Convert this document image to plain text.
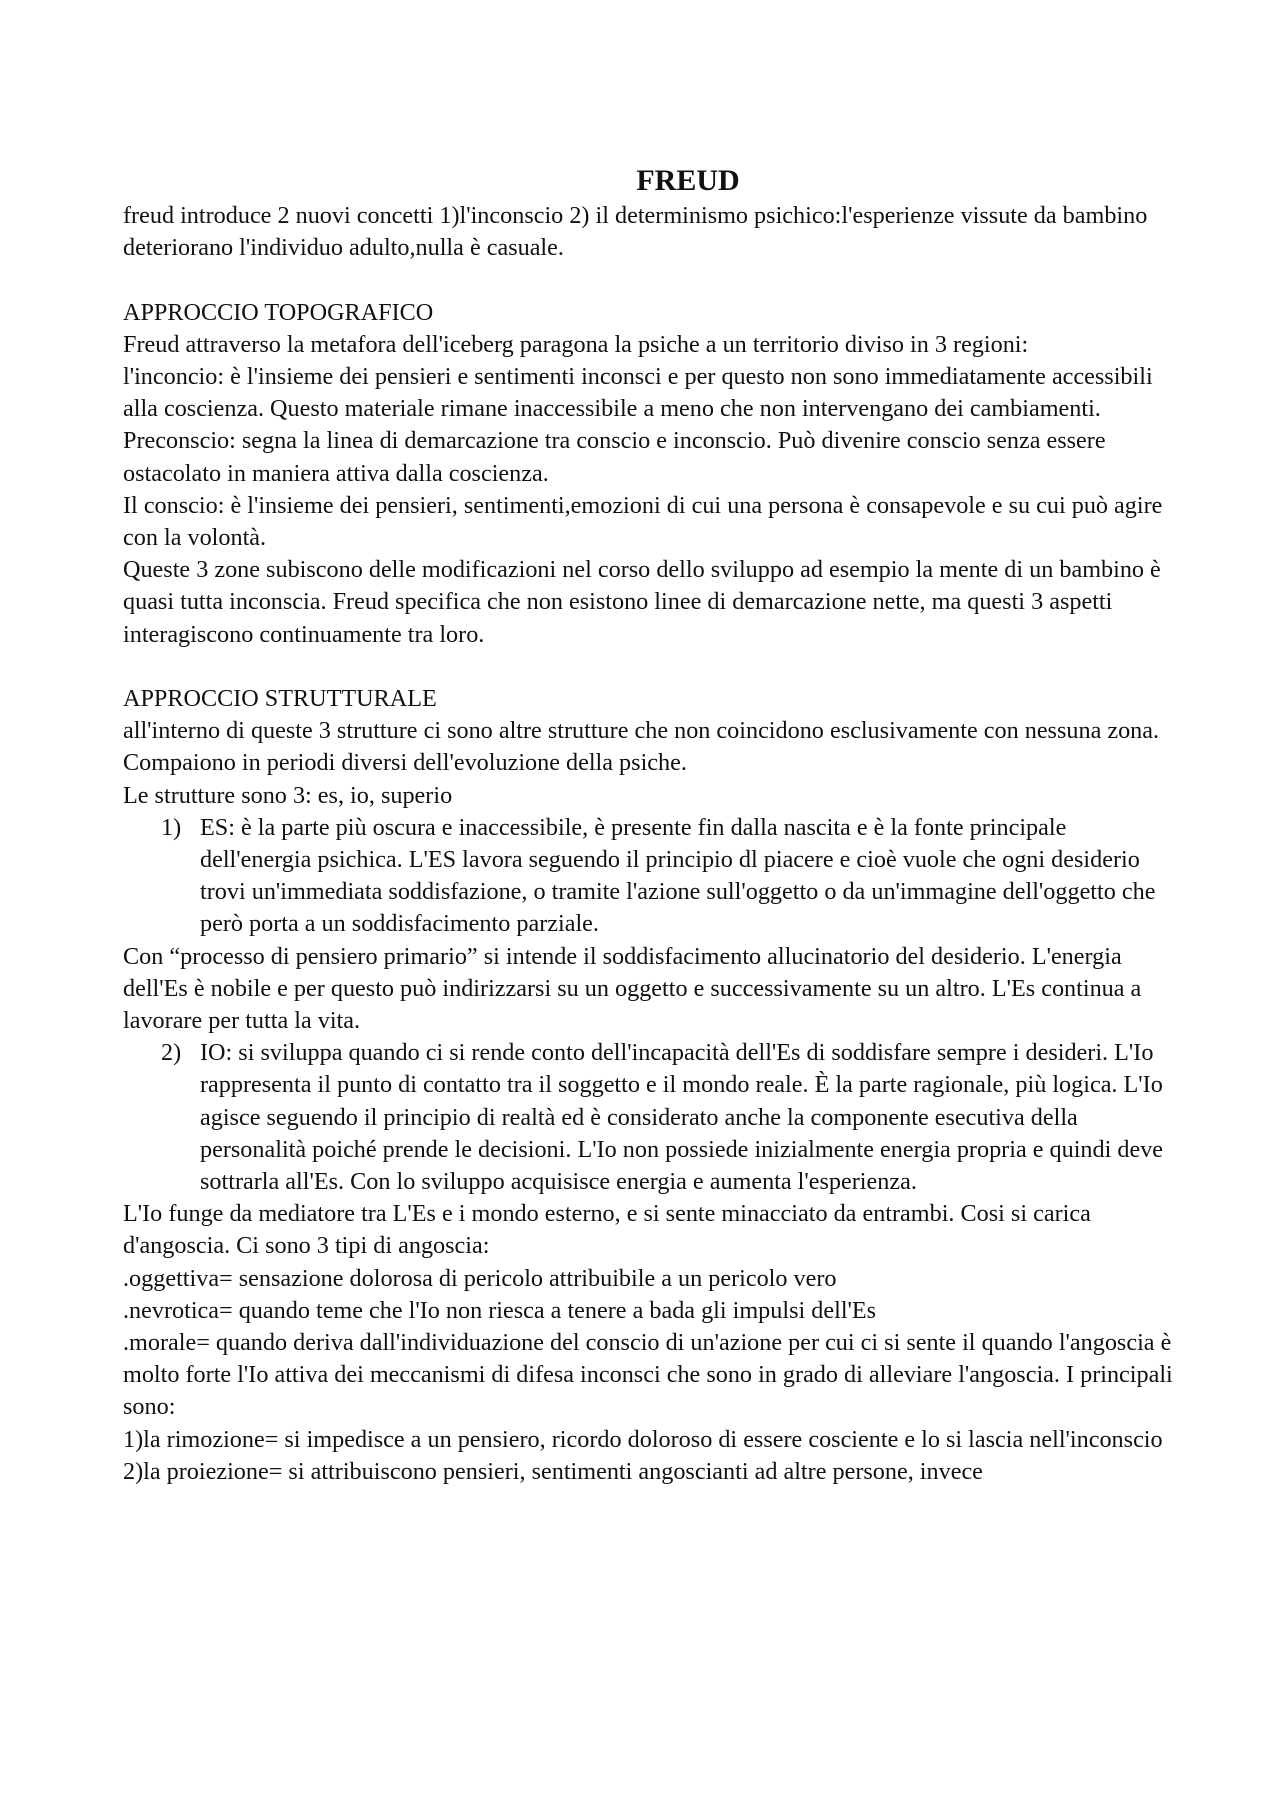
FREUD

freud introduce 2 nuovi concetti 1)l'inconscio 2) il determinismo psichico:l'esperienze vissute da bambino deteriorano l'individuo adulto,nulla è casuale.

APPROCCIO TOPOGRAFICO

Freud attraverso la metafora dell'iceberg paragona la psiche a un territorio diviso in 3 regioni:

l'inconcio: è l'insieme dei pensieri e sentimenti inconsci e per questo non sono immediatamente accessibili alla coscienza. Questo materiale rimane inaccessibile a meno che non intervengano dei cambiamenti.

Preconscio: segna la linea di demarcazione tra conscio e inconscio. Può divenire conscio senza essere ostacolato in maniera attiva dalla coscienza.

Il conscio: è l'insieme dei pensieri, sentimenti,emozioni di cui una persona è consapevole e su cui può agire con la volontà.

Queste 3 zone subiscono delle modificazioni nel corso dello sviluppo ad esempio la mente di un bambino è quasi tutta inconscia. Freud specifica che non esistono linee di demarcazione nette, ma questi 3 aspetti interagiscono continuamente tra loro.

APPROCCIO STRUTTURALE

all'interno di queste 3 strutture ci sono altre strutture che non coincidono esclusivamente con nessuna zona.

Compaiono in periodi diversi dell'evoluzione della psiche.

Le strutture sono 3: es, io, superio

1) ES: è la parte più oscura e inaccessibile, è presente fin dalla nascita e è la fonte principale dell'energia psichica. L'ES lavora seguendo il principio dl piacere e cioè vuole che ogni desiderio trovi un'immediata soddisfazione, o tramite l'azione sull'oggetto o da un'immagine dell'oggetto che però porta a un soddisfacimento parziale.

Con “processo di pensiero primario” si intende il soddisfacimento allucinatorio del desiderio. L'energia dell'Es è nobile e per questo può indirizzarsi su un oggetto e successivamente su un altro. L'Es continua a lavorare per tutta la vita.

2) IO: si sviluppa quando ci si rende conto dell'incapacità dell'Es di soddisfare sempre i desideri. L'Io rappresenta il punto di contatto tra il soggetto e il mondo reale. È la parte ragionale, più logica. L'Io agisce seguendo il principio di realtà ed è considerato anche la componente esecutiva della personalità poiché prende le decisioni. L'Io non possiede inizialmente energia propria e quindi deve sottrarla all'Es. Con lo sviluppo acquisisce energia e aumenta l'esperienza.

L'Io funge da mediatore tra L'Es e i mondo esterno, e si sente minacciato da entrambi. Cosi si carica d'angoscia. Ci sono 3 tipi di angoscia:

.oggettiva= sensazione dolorosa di pericolo attribuibile a un pericolo vero

.nevrotica= quando teme che l'Io non riesca a tenere a bada gli impulsi dell'Es

.morale= quando deriva dall'individuazione del conscio di un'azione per cui ci si sente il quando l'angoscia è molto forte l'Io attiva dei meccanismi di difesa inconsci che sono in grado di alleviare l'angoscia. I principali sono:

1)la rimozione= si impedisce a un pensiero, ricordo doloroso di essere cosciente e lo si lascia nell'inconscio

2)la proiezione= si attribuiscono pensieri, sentimenti angoscianti ad altre persone, invece
